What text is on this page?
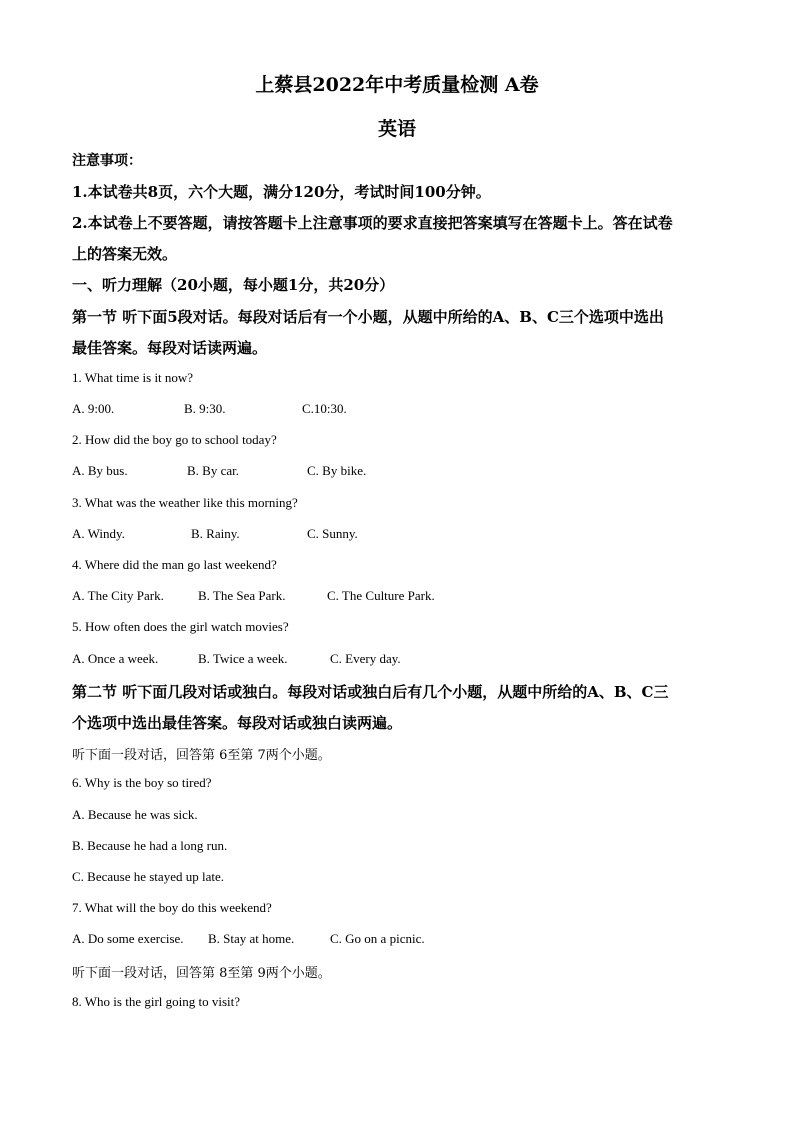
上蔡县2022年中考质量检测 A卷
英语
注意事项：
1.本试卷共8页，六个大题，满分120分，考试时间100分钟。
2.本试卷上不要答题，请按答题卡上注意事项的要求直接把答案填写在答题卡上。答在试卷
上的答案无效。
一、听力理解（20小题，每小题1分，共20分）
第一节 听下面5段对话。每段对话后有一个小题，从题中所给的A、B、C三个选项中选出
最佳答案。每段对话读两遍。
1. What time is it now?
A. 9:00.	B. 9:30.	C.10:30.
2. How did the boy go to school today?
A. By bus.	B. By car.	C. By bike.
3. What was the weather like this morning?
A. Windy.	B. Rainy.	C. Sunny.
4. Where did the man go last weekend?
A. The City Park.	B. The Sea Park.	C. The Culture Park.
5. How often does the girl watch movies?
A. Once a week.	B. Twice a week.	C. Every day.
第二节 听下面几段对话或独白。每段对话或独白后有几个小题，从题中所给的A、B、C三
个选项中选出最佳答案。每段对话或独白读两遍。
听下面一段对话，回答第 6至第 7两个小题。
6. Why is the boy so tired?
A. Because he was sick.
B. Because he had a long run.
C. Because he stayed up late.
7. What will the boy do this weekend?
A. Do some exercise. B. Stay at home.	C. Go on a picnic.
听下面一段对话，回答第 8至第 9两个小题。
8. Who is the girl going to visit?
